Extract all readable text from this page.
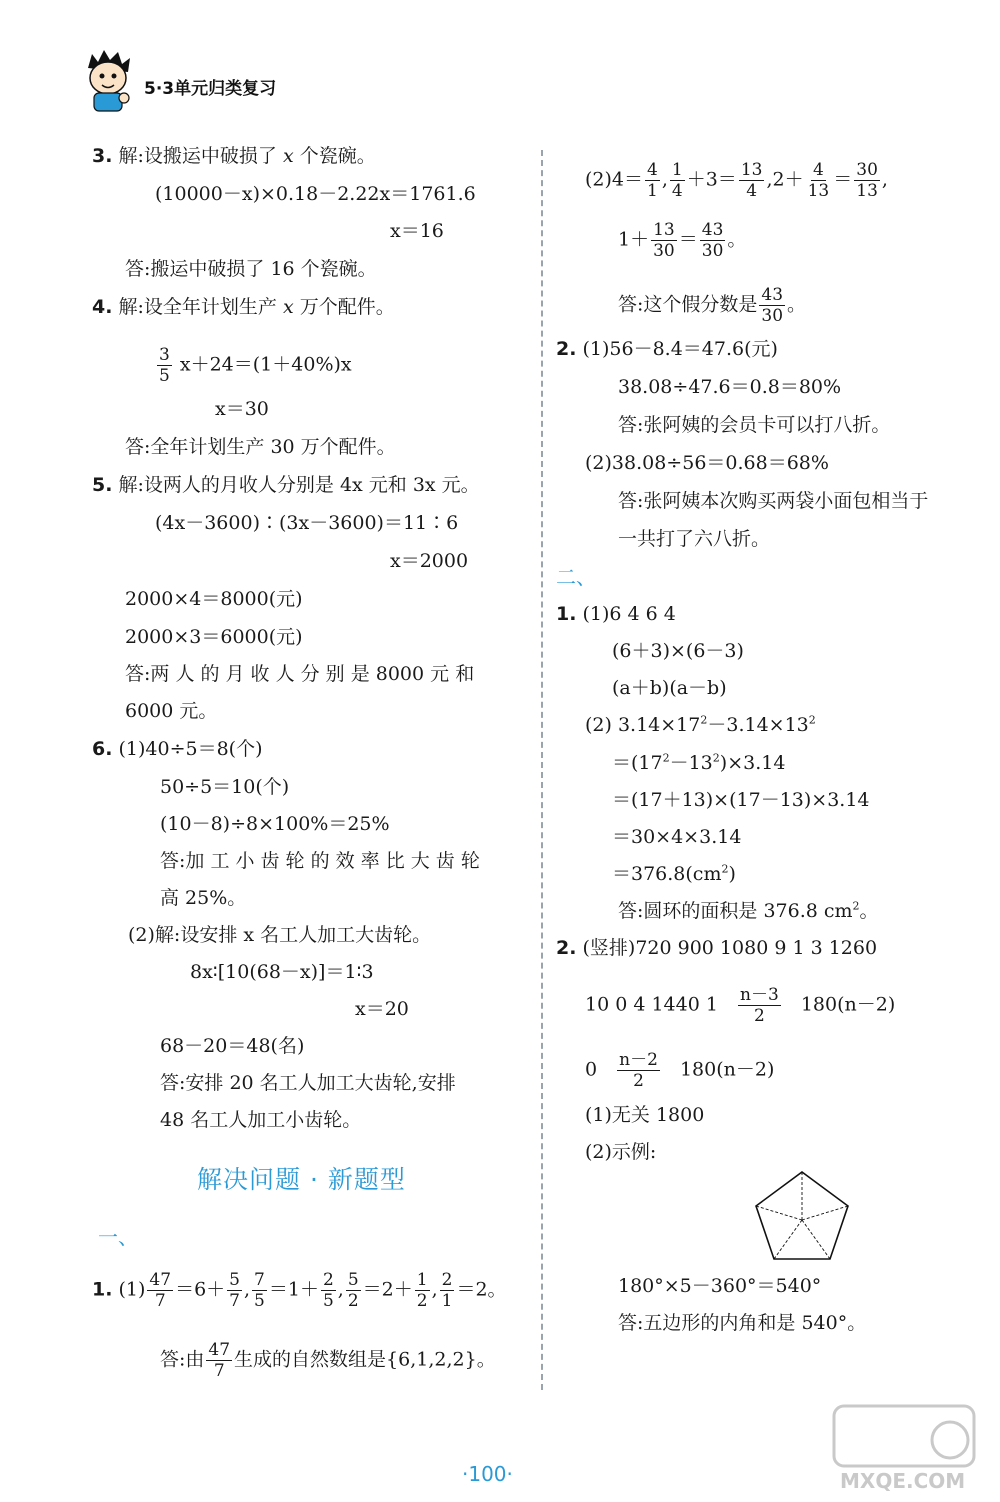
5·3单元归类复习
3. 解:设搬运中破损了 x 个瓷碗。
(10000－x)×0.18－2.22x＝1761.6
x＝16
答:搬运中破损了 16 个瓷碗。
4. 解:设全年计划生产 x 万个配件。
$\frac{3}{5} x+24=(1+40\%)x$
x＝30
答:全年计划生产 30 万个配件。
5. 解:设两人的月收人分别是 4x 元和 3x 元。
(4x－3600)∶(3x－3600)＝11∶6
x＝2000
2000×4＝8000(元)
2000×3＝6000(元)
答:两 人 的 月 收 人 分 别 是 8000 元 和
6000 元。
6. (1)40÷5＝8(个)
50÷5＝10(个)
(10－8)÷8×100%＝25%
答:加 工 小 齿 轮 的 效 率 比 大 齿 轮
高 25%。
(2)解:设安排 x 名工人加工大齿轮。
8x∶[10(68－x)]＝1∶3
x＝20
68－20＝48(名)
答:安排 20 名工人加工大齿轮,安排
48 名工人加工小齿轮。
解决问题 · 新题型
一、
1. $(1) \frac{47}{7} =6+ \frac{5}{7}$ , $\frac{7}{5} =1+ \frac{2}{5}$ , $\frac{5}{2} =2+ \frac{1}{2}$ , $\frac{2}{1} =2$。
答:由 $\frac{47}{7}$ 生成的自然数组是{6,1,2,2}。
$(2)4= \frac{4}{1}$ , $\frac{1}{4} +3= \frac{13}{4} ,2+ \frac{4}{13} = \frac{30}{13}$ ,
$1+ \frac{13}{30} = \frac{43}{30}$ 。
答:这个假分数是 $\frac{43}{30}$ 。
2. (1)56－8.4＝47.6(元)
38.08÷47.6＝0.8＝80%
答:张阿姨的会员卡可以打八折。
(2)38.08÷56＝0.68＝68%
答:张阿姨本次购买两袋小面包相当于
一共打了六八折。
二、
1. (1)6 4 6 4
(6＋3)×(6－3)
(a＋b)(a－b)
(2) $3.14\times 17^2-3.14\times 13^2$
$=(17^2-13^2)\times 3.14$
＝(17＋13)×(17－13)×3.14
＝30×4×3.14
$=376.8(cm^2)$
答:圆环的面积是 376.8 $cm^2$。
2. (竖排)720 900 1080 9 1 3 1260
10 0 4 1440 $1 \frac{n-3}{2} 180(n-2)$
$0 \frac{n-2}{2} 180(n-2)$
(1)无关 1800
(2)示例:
180°×5－360°＝540°
答:五边形的内角和是 540°。
·100·	MXQE.COM
